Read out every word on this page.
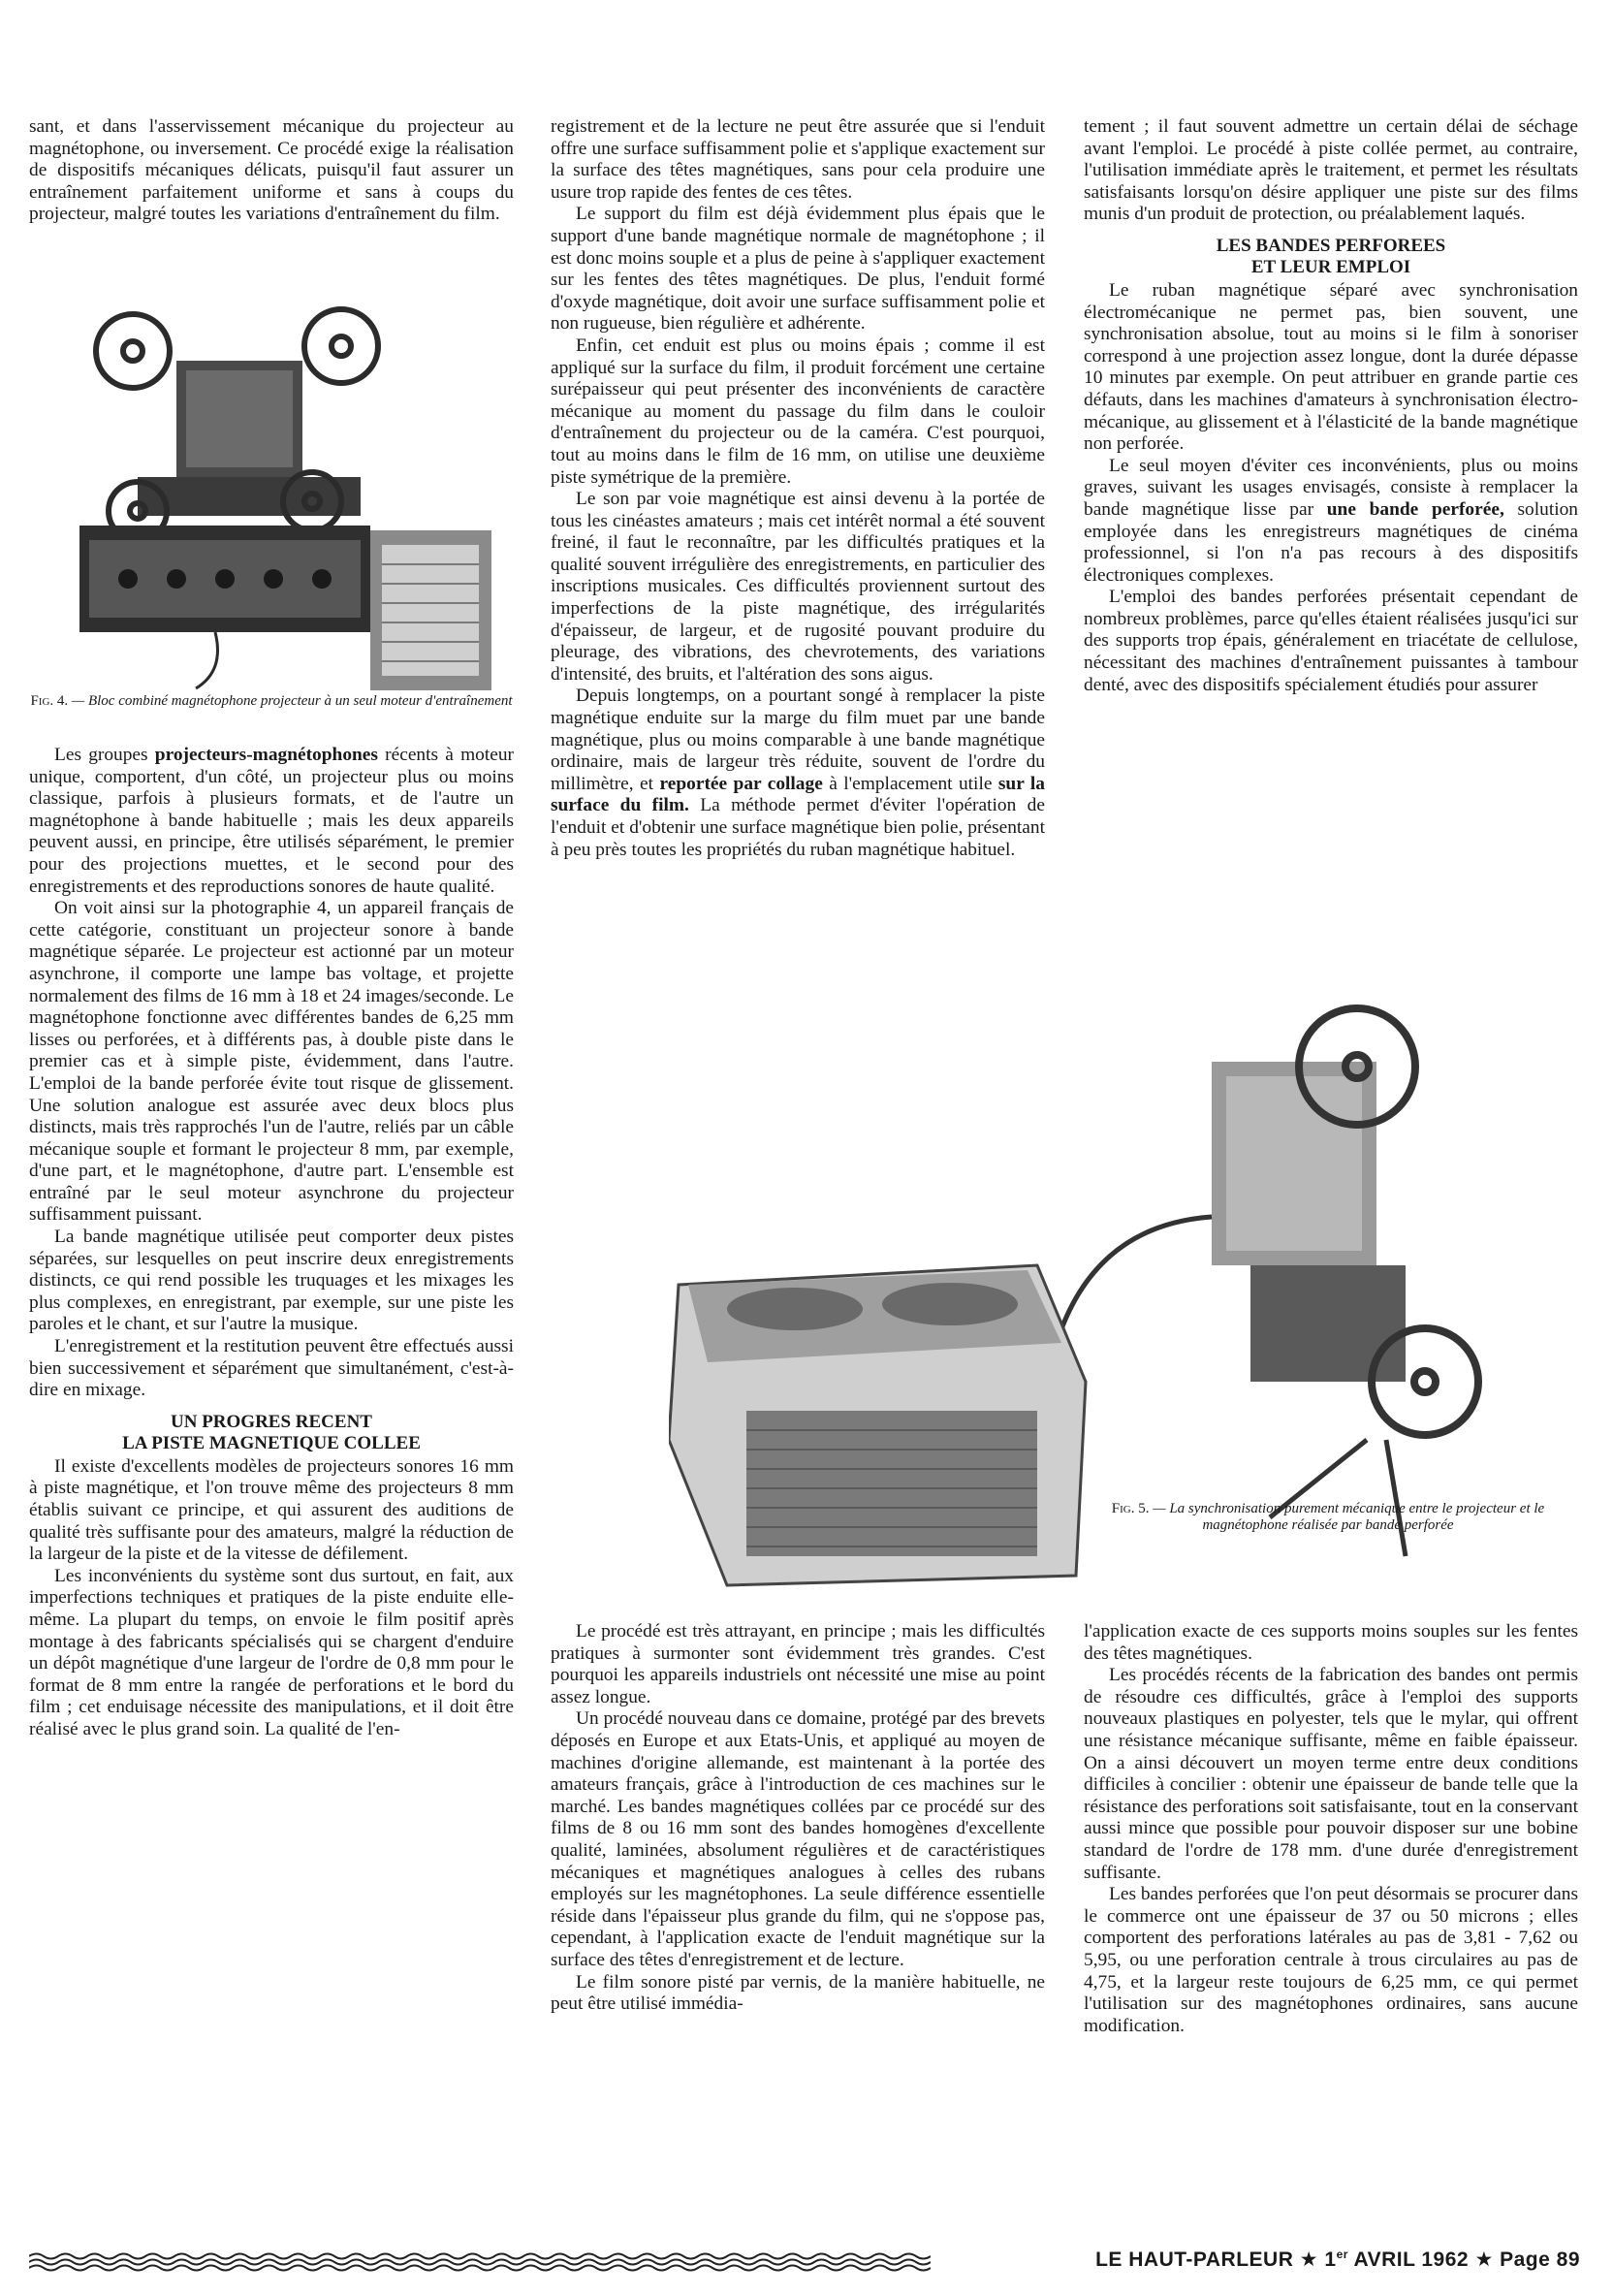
sant, et dans l'asservissement mécanique du projecteur au magnétophone, ou inversement. Ce procédé exige la réalisation de dispositifs mécaniques délicats, puisqu'il faut assurer un entraînement parfaitement uniforme et sans à coups du projecteur, malgré toutes les variations d'entraînement du film.

Fig. 4. — Bloc combiné magnétophone projecteur à un seul moteur d'entraînement

Les groupes projecteurs-magnétophones récents à moteur unique, comportent, d'un côté, un projecteur plus ou moins classique, parfois à plusieurs formats, et de l'autre un magnétophone à bande habituelle ; mais les deux appareils peuvent aussi, en principe, être utilisés séparément, le premier pour des projections muettes, et le second pour des enregistrements et des reproductions sonores de haute qualité.

On voit ainsi sur la photographie 4, un appareil français de cette catégorie, constituant un projecteur sonore à bande magnétique séparée. Le projecteur est actionné par un moteur asynchrone, il comporte une lampe bas voltage, et projette normalement des films de 16 mm à 18 et 24 images/seconde. Le magnétophone fonctionne avec différentes bandes de 6,25 mm lisses ou perforées, et à différents pas, à double piste dans le premier cas et à simple piste, évidemment, dans l'autre. L'emploi de la bande perforée évite tout risque de glissement. Une solution analogue est assurée avec deux blocs plus distincts, mais très rapprochés l'un de l'autre, reliés par un câble mécanique souple et formant le projecteur 8 mm, par exemple, d'une part, et le magnétophone, d'autre part. L'ensemble est entraîné par le seul moteur asynchrone du projecteur suffisamment puissant.

La bande magnétique utilisée peut comporter deux pistes séparées, sur lesquelles on peut inscrire deux enregistrements distincts, ce qui rend possible les truquages et les mixages les plus complexes, en enregistrant, par exemple, sur une piste les paroles et le chant, et sur l'autre la musique.

L'enregistrement et la restitution peuvent être effectués aussi bien successivement et séparément que simultanément, c'est-à-dire en mixage.

UN PROGRES RECENT
LA PISTE MAGNETIQUE COLLEE

Il existe d'excellents modèles de projecteurs sonores 16 mm à piste magnétique, et l'on trouve même des projecteurs 8 mm établis suivant ce principe, et qui assurent des auditions de qualité très suffisante pour des amateurs, malgré la réduction de la largeur de la piste et de la vitesse de défilement.

Les inconvénients du système sont dus surtout, en fait, aux imperfections techniques et pratiques de la piste enduite elle-même. La plupart du temps, on envoie le film positif après montage à des fabricants spécialisés qui se chargent d'enduire un dépôt magnétique d'une largeur de l'ordre de 0,8 mm pour le format de 8 mm entre la rangée de perforations et le bord du film ; cet enduisage nécessite des manipulations, et il doit être réalisé avec le plus grand soin. La qualité de l'en-

registrement et de la lecture ne peut être assurée que si l'enduit offre une surface suffisamment polie et s'applique exactement sur la surface des têtes magnétiques, sans pour cela produire une usure trop rapide des fentes de ces têtes.

Le support du film est déjà évidemment plus épais que le support d'une bande magnétique normale de magnétophone ; il est donc moins souple et a plus de peine à s'appliquer exactement sur les fentes des têtes magnétiques. De plus, l'enduit formé d'oxyde magnétique, doit avoir une surface suffisamment polie et non rugueuse, bien régulière et adhérente.

Enfin, cet enduit est plus ou moins épais ; comme il est appliqué sur la surface du film, il produit forcément une certaine surépaisseur qui peut présenter des inconvénients de caractère mécanique au moment du passage du film dans le couloir d'entraînement du projecteur ou de la caméra. C'est pourquoi, tout au moins dans le film de 16 mm, on utilise une deuxième piste symétrique de la première.

Le son par voie magnétique est ainsi devenu à la portée de tous les cinéastes amateurs ; mais cet intérêt normal a été souvent freiné, il faut le reconnaître, par les difficultés pratiques et la qualité souvent irrégulière des enregistrements, en particulier des inscriptions musicales. Ces difficultés proviennent surtout des imperfections de la piste magnétique, des irrégularités d'épaisseur, de largeur, et de rugosité pouvant produire du pleurage, des vibrations, des chevrotements, des variations d'intensité, des bruits, et l'altération des sons aigus.

Depuis longtemps, on a pourtant songé à remplacer la piste magnétique enduite sur la marge du film muet par une bande magnétique, plus ou moins comparable à une bande magnétique ordinaire, mais de largeur très réduite, souvent de l'ordre du millimètre, et reportée par collage à l'emplacement utile sur la surface du film. La méthode permet d'éviter l'opération de l'enduit et d'obtenir une surface magnétique bien polie, présentant à peu près toutes les propriétés du ruban magnétique habituel.

tement ; il faut souvent admettre un certain délai de séchage avant l'emploi. Le procédé à piste collée permet, au contraire, l'utilisation immédiate après le traitement, et permet les résultats satisfaisants lorsqu'on désire appliquer une piste sur des films munis d'un produit de protection, ou préalablement laqués.

LES BANDES PERFOREES
ET LEUR EMPLOI

Le ruban magnétique séparé avec synchronisation électromécanique ne permet pas, bien souvent, une synchronisation absolue, tout au moins si le film à sonoriser correspond à une projection assez longue, dont la durée dépasse 10 minutes par exemple. On peut attribuer en grande partie ces défauts, dans les machines d'amateurs à synchronisation électro-mécanique, au glissement et à l'élasticité de la bande magnétique non perforée.

Le seul moyen d'éviter ces inconvénients, plus ou moins graves, suivant les usages envisagés, consiste à remplacer la bande magnétique lisse par une bande perforée, solution employée dans les enregistreurs magnétiques de cinéma professionnel, si l'on n'a pas recours à des dispositifs électroniques complexes.

L'emploi des bandes perforées présentait cependant de nombreux problèmes, parce qu'elles étaient réalisées jusqu'ici sur des supports trop épais, généralement en triacétate de cellulose, nécessitant des machines d'entraînement puissantes à tambour denté, avec des dispositifs spécialement étudiés pour assurer

Fig. 5. — La synchronisation purement mécanique entre le projecteur et le magnétophone réalisée par bande perforée

Le procédé est très attrayant, en principe ; mais les difficultés pratiques à surmonter sont évidemment très grandes. C'est pourquoi les appareils industriels ont nécessité une mise au point assez longue.

Un procédé nouveau dans ce domaine, protégé par des brevets déposés en Europe et aux Etats-Unis, et appliqué au moyen de machines d'origine allemande, est maintenant à la portée des amateurs français, grâce à l'introduction de ces machines sur le marché. Les bandes magnétiques collées par ce procédé sur des films de 8 ou 16 mm sont des bandes homogènes d'excellente qualité, laminées, absolument régulières et de caractéristiques mécaniques et magnétiques analogues à celles des rubans employés sur les magnétophones. La seule différence essentielle réside dans l'épaisseur plus grande du film, qui ne s'oppose pas, cependant, à l'application exacte de l'enduit magnétique sur la surface des têtes d'enregistrement et de lecture.

Le film sonore pisté par vernis, de la manière habituelle, ne peut être utilisé immédia-

l'application exacte de ces supports moins souples sur les fentes des têtes magnétiques.

Les procédés récents de la fabrication des bandes ont permis de résoudre ces difficultés, grâce à l'emploi des supports nouveaux plastiques en polyester, tels que le mylar, qui offrent une résistance mécanique suffisante, même en faible épaisseur. On a ainsi découvert un moyen terme entre deux conditions difficiles à concilier : obtenir une épaisseur de bande telle que la résistance des perforations soit satisfaisante, tout en la conservant aussi mince que possible pour pouvoir disposer sur une bobine standard de l'ordre de 178 mm. d'une durée d'enregistrement suffisante.

Les bandes perforées que l'on peut désormais se procurer dans le commerce ont une épaisseur de 37 ou 50 microns ; elles comportent des perforations latérales au pas de 3,81 - 7,62 ou 5,95, ou une perforation centrale à trous circulaires au pas de 4,75, et la largeur reste toujours de 6,25 mm, ce qui permet l'utilisation sur des magnétophones ordinaires, sans aucune modification.

LE HAUT-PARLEUR ★ 1er AVRIL 1962 ★ Page 89
